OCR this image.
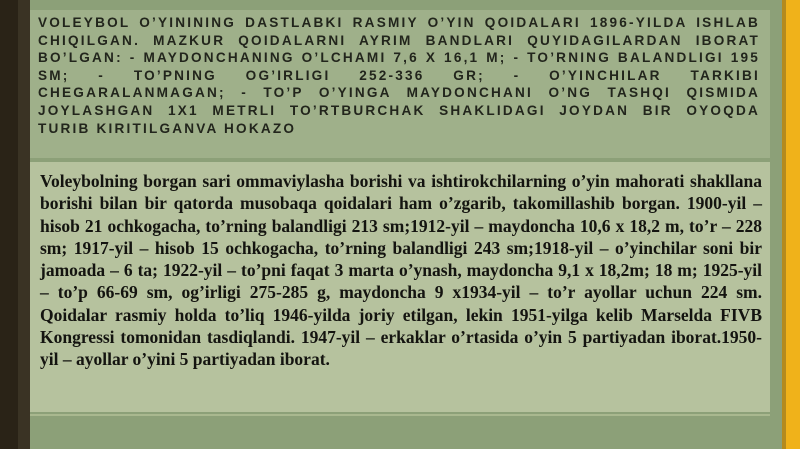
VOLEYBOL O’YININING DASTLABKI RASMIY O’YIN QOIDALARI 1896-YILDA ISHLAB CHIQILGAN. MAZKUR QOIDALARNI AYRIM BANDLARI QUYIDAGILARDAN IBORAT BO’LGAN: - MAYDONCHANING O’LCHAMI 7,6 X 16,1 M; - TO’RNING BALANDLIGI 195 SM; - TO’PNING OG’IRLIGI 252-336 GR; - O’YINCHILAR TARKIBI CHEGARALANMAGAN; - TO’P O’YINGA MAYDONCHANI O’NG TASHQI QISMIDA JOYLASHGAN 1X1 METRLI TO’RTBURCHAK SHAKLIDAGI JOYDAN BIR OYOQDA TURIB KIRITILGANVA HOKAZO

Voleybolning borgan sari ommaviylasha borishi va ishtirokchilarning o’yin mahorati shakllana borishi bilan bir qatorda musobaqa qoidalari ham o’zgarib, takomillashib borgan. 1900-yil – hisob 21 ochkogacha, to’rning balandligi 213 sm;1912-yil – maydoncha 10,6 x 18,2 m, to’r – 228 sm; 1917-yil – hisob 15 ochkogacha, to’rning balandligi 243 sm;1918-yil – o’yinchilar soni bir jamoada – 6 ta; 1922-yil – to’pni faqat 3 marta o’ynash, maydoncha 9,1 x 18,2m; 18 m; 1925-yil – to’p 66-69 sm, og’irligi 275-285 g, maydoncha 9 x1934-yil – to’r ayollar uchun 224 sm. Qoidalar rasmiy holda to’liq 1946-yilda joriy etilgan, lekin 1951-yilga kelib Marselda FIVB Kongressi tomonidan tasdiqlandi. 1947-yil – erkaklar o’rtasida o’yin 5 partiyadan iborat.1950-yil – ayollar o’yini 5 partiyadan iborat.
